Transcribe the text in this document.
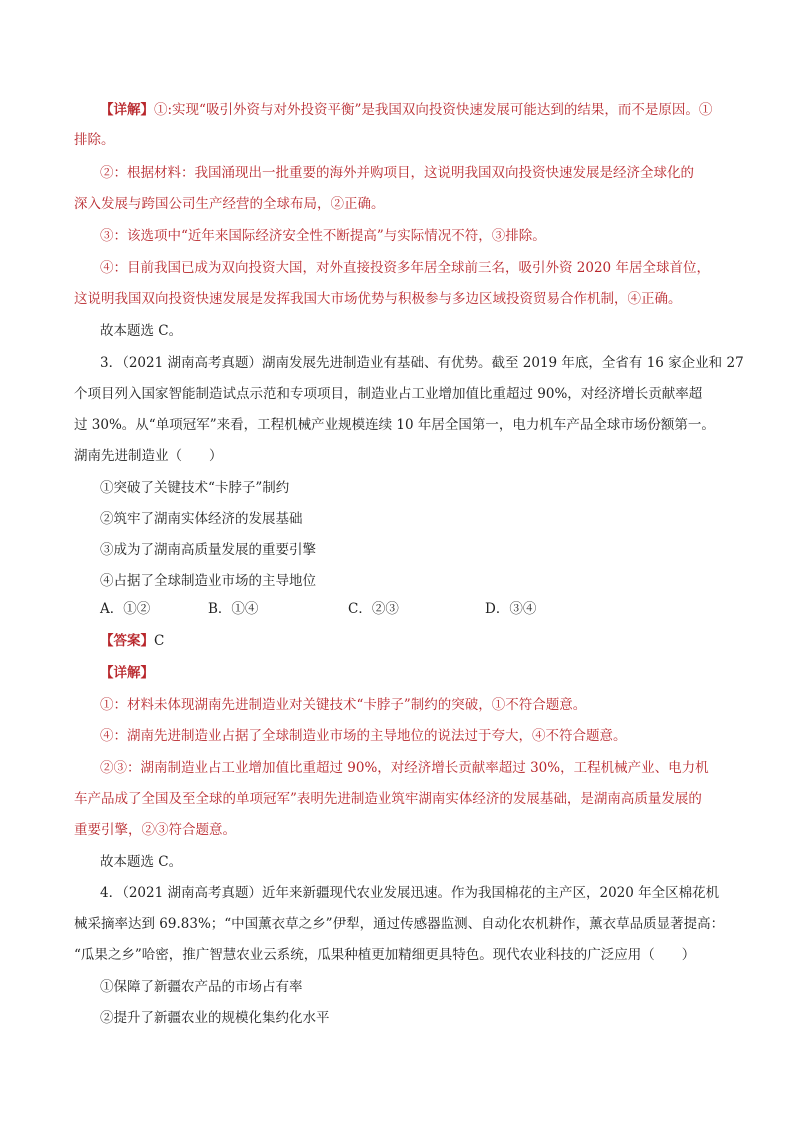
【详解】①:实现“吸引外资与对外投资平衡”是我国双向投资快速发展可能达到的结果，而不是原因。①
排除。
②：根据材料：我国涌现出一批重要的海外并购项目，这说明我国双向投资快速发展是经济全球化的
深入发展与跨国公司生产经营的全球布局，②正确。
③：该选项中“近年来国际经济安全性不断提高”与实际情况不符，③排除。
④：目前我国已成为双向投资大国，对外直接投资多年居全球前三名，吸引外资 2020 年居全球首位，
这说明我国双向投资快速发展是发挥我国大市场优势与积极参与多边区域投资贸易合作机制，④正确。
故本题选 C。
3．（2021 湖南高考真题）湖南发展先进制造业有基础、有优势。截至 2019 年底，全省有 16 家企业和 27
个项目列入国家智能制造试点示范和专项项目，制造业占工业增加值比重超过 90%，对经济增长贡献率超
过 30%。从“单项冠军”来看，工程机械产业规模连续 10 年居全国第一，电力机车产品全球市场份额第一。
湖南先进制造业（　　）
①突破了关键技术“卡脖子”制约
②筑牢了湖南实体经济的发展基础
③成为了湖南高质量发展的重要引擎
④占据了全球制造业市场的主导地位
A．①②	B．①④	C．②③	D．③④
【答案】C
【详解】
①：材料未体现湖南先进制造业对关键技术“卡脖子”制约的突破，①不符合题意。
④：湖南先进制造业占据了全球制造业市场的主导地位的说法过于夸大，④不符合题意。
②③：湖南制造业占工业增加值比重超过 90%，对经济增长贡献率超过 30%，工程机械产业、电力机
车产品成了全国及至全球的单项冠军”表明先进制造业筑牢湖南实体经济的发展基础，是湖南高质量发展的
重要引擎，②③符合题意。
故本题选 C。
4．（2021 湖南高考真题）近年来新疆现代农业发展迅速。作为我国棉花的主产区，2020 年全区棉花机
械采摘率达到 69.83%；“中国薰衣草之乡”伊犁，通过传感器监测、自动化农机耕作，薰衣草品质显著提高：
“瓜果之乡”哈密，推广智慧农业云系统，瓜果种植更加精细更具特色。现代农业科技的广泛应用（　　）
①保障了新疆农产品的市场占有率
②提升了新疆农业的规模化集约化水平
